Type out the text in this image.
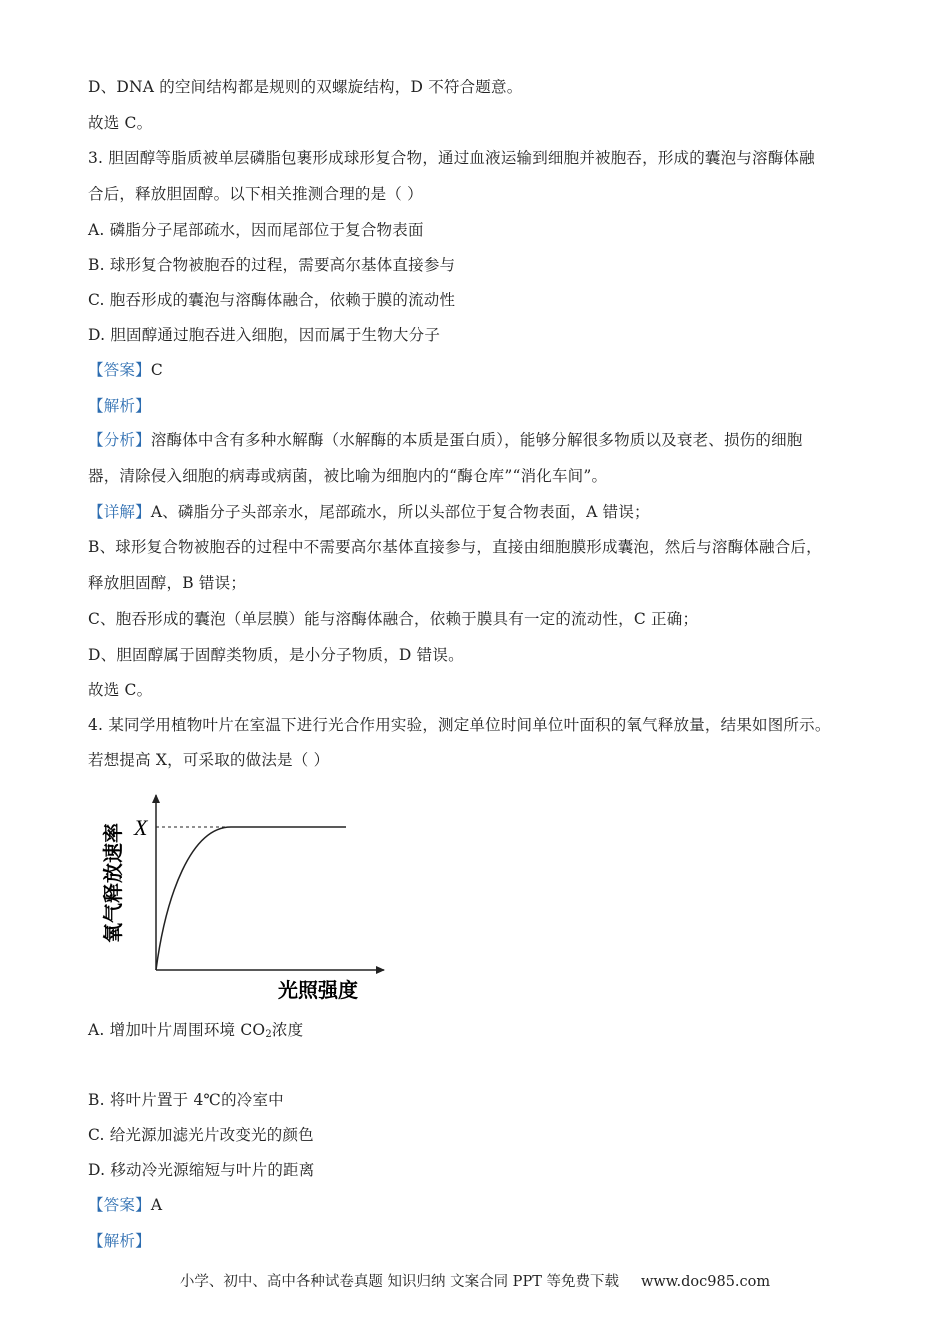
D、DNA 的空间结构都是规则的双螺旋结构，D 不符合题意。
故选 C。
3. 胆固醇等脂质被单层磷脂包裹形成球形复合物，通过血液运输到细胞并被胞吞，形成的囊泡与溶酶体融
合后，释放胆固醇。以下相关推测合理的是（ ）
A. 磷脂分子尾部疏水，因而尾部位于复合物表面
B. 球形复合物被胞吞的过程，需要高尔基体直接参与
C. 胞吞形成的囊泡与溶酶体融合，依赖于膜的流动性
D. 胆固醇通过胞吞进入细胞，因而属于生物大分子
【分析】溶酶体中含有多种水解酶（水解酶的本质是蛋白质），能够分解很多物质以及衰老、损伤的细胞
器，清除侵入细胞的病毒或病菌，被比喻为细胞内的“酶仓库”“消化车间”。
【详解】A、磷脂分子头部亲水，尾部疏水，所以头部位于复合物表面，A 错误；
B、球形复合物被胞吞的过程中不需要高尔基体直接参与，直接由细胞膜形成囊泡，然后与溶酶体融合后，
释放胆固醇，B 错误；
C、胞吞形成的囊泡（单层膜）能与溶酶体融合，依赖于膜具有一定的流动性，C 正确；
D、胆固醇属于固醇类物质，是小分子物质，D 错误。
故选 C。
4. 某同学用植物叶片在室温下进行光合作用实验，测定单位时间单位叶面积的氧气释放量，结果如图所示。
若想提高 X，可采取的做法是（ ）
B. 将叶片置于 4℃的冷室中
C. 给光源加滤光片改变光的颜色
D. 移动冷光源缩短与叶片的距离
【答案】C
【解析】
X
氧气释放速率
光照强度
A. 增加叶片周围环境 $CO_2$浓度
【答案】A
【解析】
小学、初中、高中各种试卷真题 知识归纳 文案合同 PPT 等免费下载 www.doc985.com
